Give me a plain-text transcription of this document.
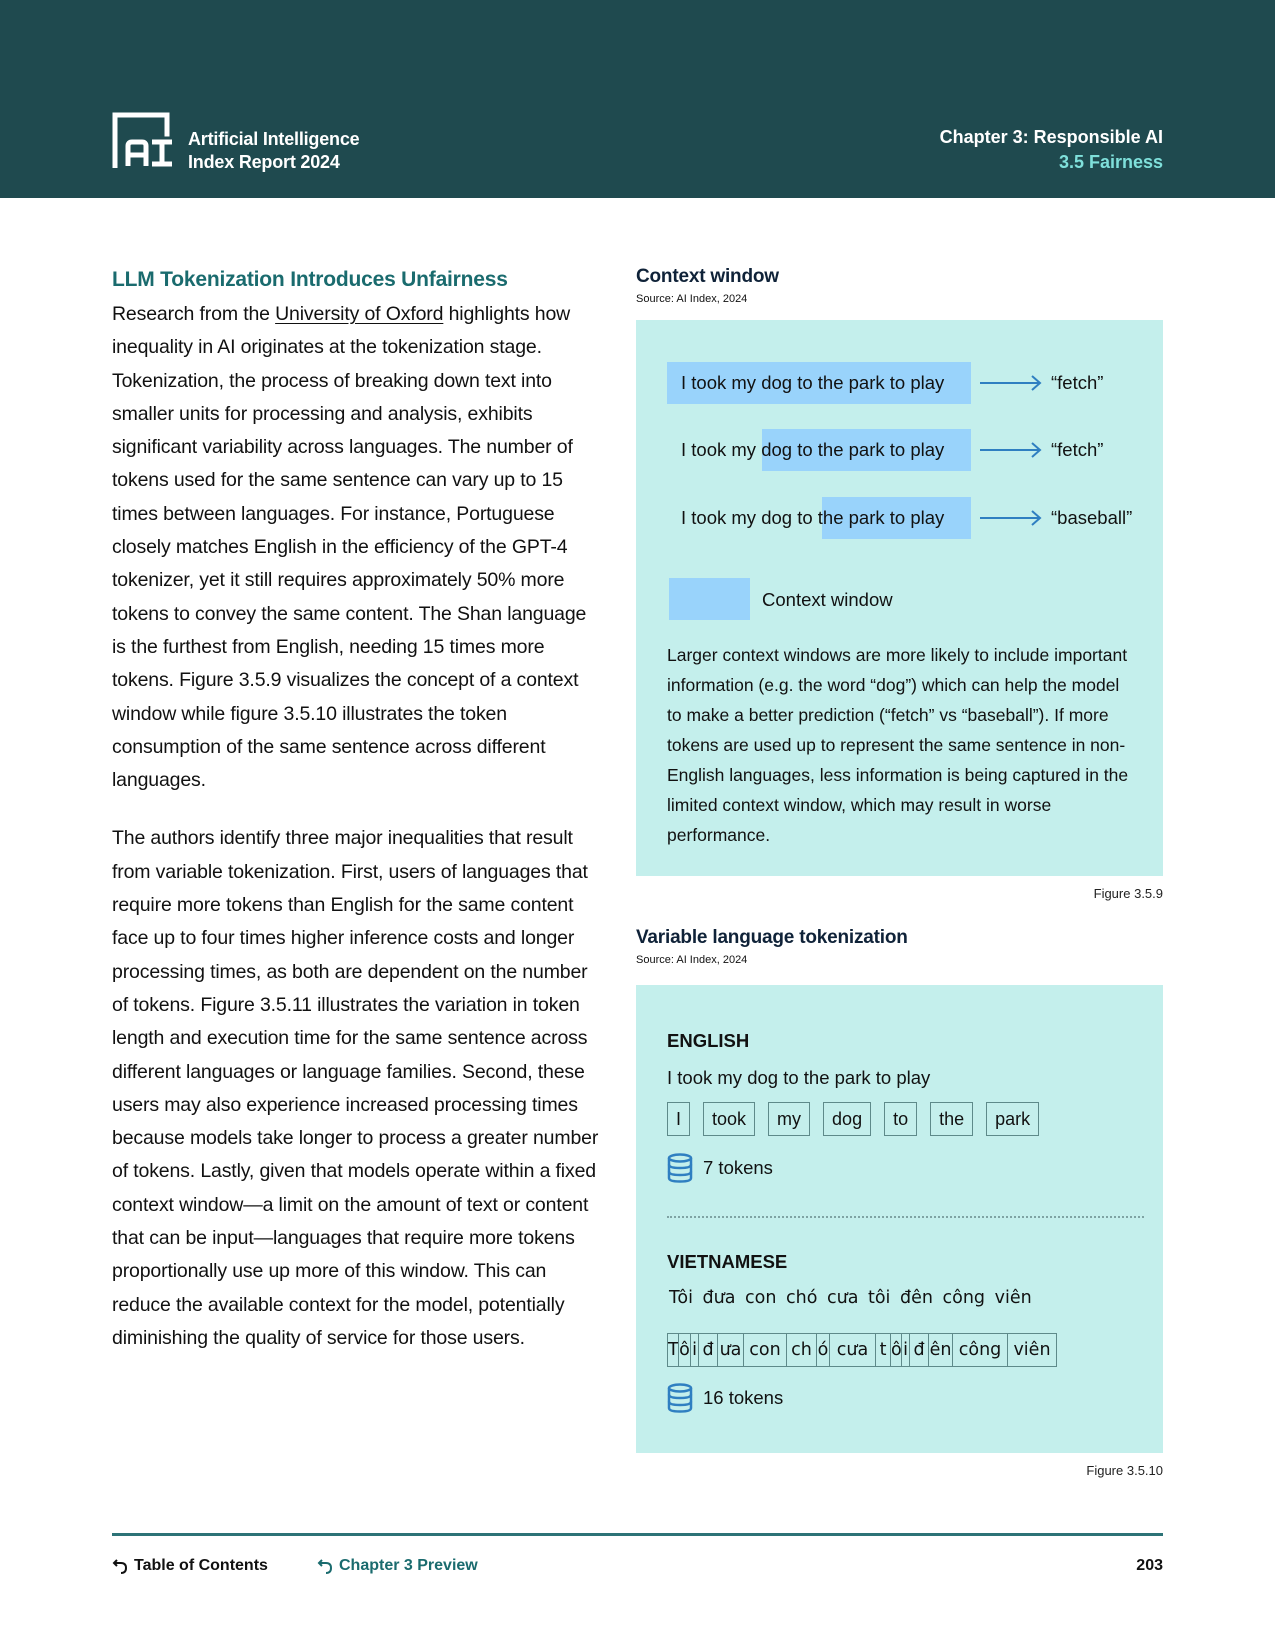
Artificial Intelligence
Index Report 2024
Chapter 3: Responsible AI
3.5 Fairness
LLM Tokenization Introduces Unfairness

Research from the University of Oxford highlights how inequality in AI originates at the tokenization stage. Tokenization, the process of breaking down text into smaller units for processing and analysis, exhibits significant variability across languages. The number of tokens used for the same sentence can vary up to 15 times between languages. For instance, Portuguese closely matches English in the efficiency of the GPT-4 tokenizer, yet it still requires approximately 50% more tokens to convey the same content. The Shan language is the furthest from English, needing 15 times more tokens. Figure 3.5.9 visualizes the concept of a context window while figure 3.5.10 illustrates the token consumption of the same sentence across different languages.

The authors identify three major inequalities that result from variable tokenization. First, users of languages that require more tokens than English for the same content face up to four times higher inference costs and longer processing times, as both are dependent on the number of tokens. Figure 3.5.11 illustrates the variation in token length and execution time for the same sentence across different languages or language families. Second, these users may also experience increased processing times because models take longer to process a greater number of tokens. Lastly, given that models operate within a fixed context window—a limit on the amount of text or content that can be input—languages that require more tokens proportionally use up more of this window. This can reduce the available context for the model, potentially diminishing the quality of service for those users.

Context window
Source: AI Index, 2024
I took my dog to the park to play	“fetch”
I took my dog to the park to play	“fetch”
I took my dog to the park to play	“baseball”
Context window
Larger context windows are more likely to include important information (e.g. the word “dog”) which can help the model to make a better prediction (“fetch” vs “baseball”). If more tokens are used up to represent the same sentence in non-English languages, less information is being captured in the limited context window, which may result in worse performance.
Figure 3.5.9
Variable language tokenization
Source: AI Index, 2024
ENGLISH
I took my dog to the park to play
I	took	my	dog	to	the	park
7 tokens
VIETNAMESE
Tôi đưa con chó cưa tôi đên công viên
T ô i đ ưa con ch ó cưa t ô i đ ên công viên
16 tokens
Figure 3.5.10
Table of Contents	Chapter 3 Preview	203
